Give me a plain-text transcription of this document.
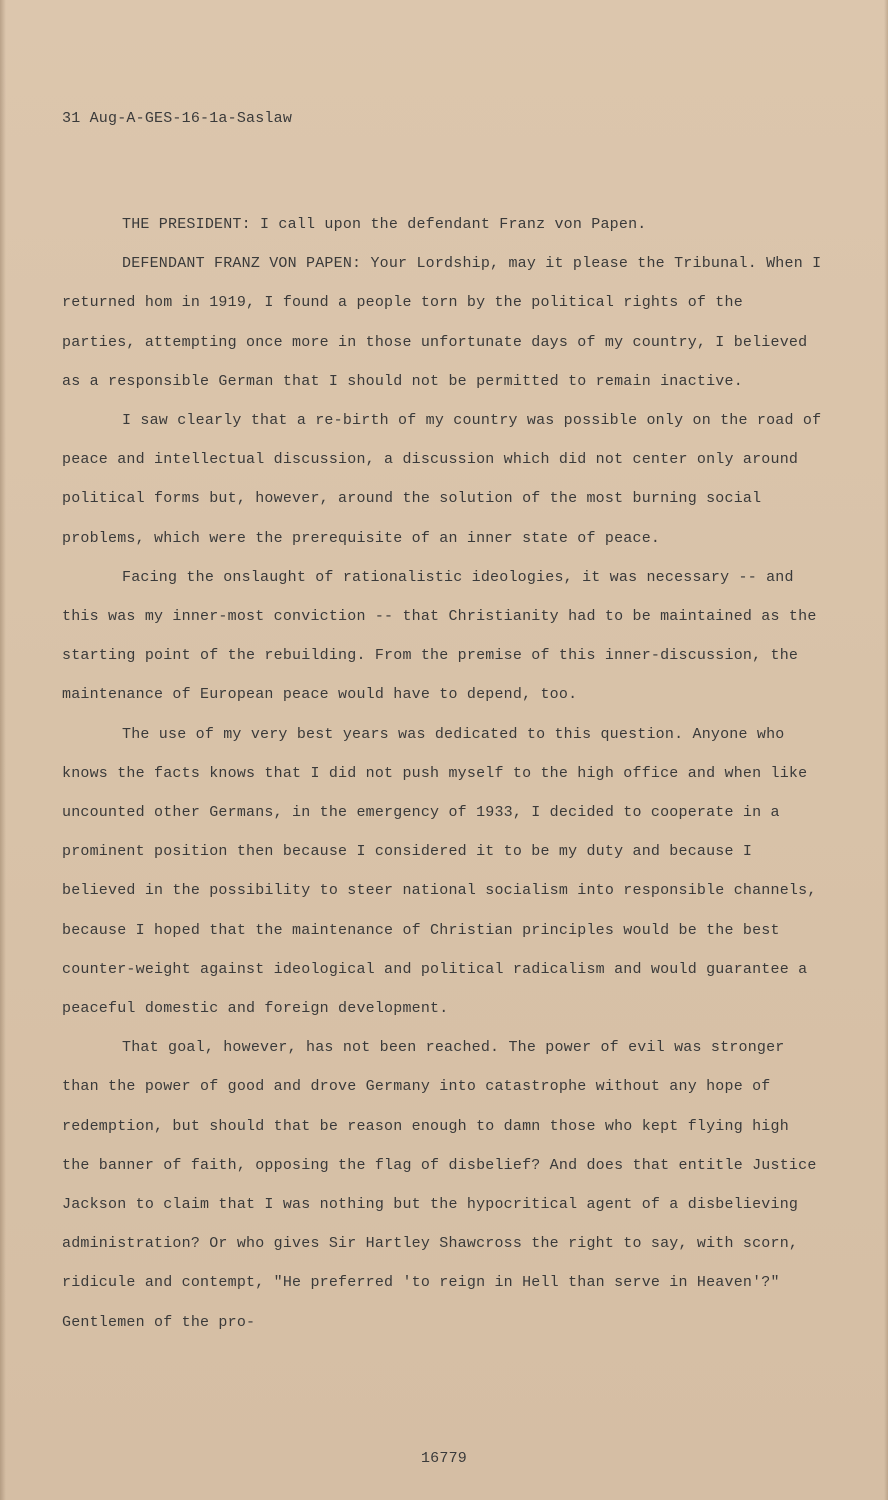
31 Aug-A-GES-16-1a-Saslaw

THE PRESIDENT: I call upon the defendant Franz von Papen.

DEFENDANT FRANZ VON PAPEN: Your Lordship, may it please the Tribunal. When I returned hom in 1919, I found a people torn by the political rights of the parties, attempting once more in those unfortunate days of my country, I believed as a responsible German that I should not be permitted to remain inactive.

I saw clearly that a re-birth of my country was possible only on the road of peace and intellectual discussion, a discussion which did not center only around political forms but, however, around the solution of the most burning social problems, which were the prerequisite of an inner state of peace.

Facing the onslaught of rationalistic ideologies, it was necessary -- and this was my inner-most conviction -- that Christianity had to be maintained as the starting point of the rebuilding. From the premise of this inner-discussion, the maintenance of European peace would have to depend, too.

The use of my very best years was dedicated to this question. Anyone who knows the facts knows that I did not push myself to the high office and when like uncounted other Germans, in the emergency of 1933, I decided to cooperate in a prominent position then because I considered it to be my duty and because I believed in the possibility to steer national socialism into responsible channels, because I hoped that the maintenance of Christian principles would be the best counter-weight against ideological and political radicalism and would guarantee a peaceful domestic and foreign development.

That goal, however, has not been reached. The power of evil was stronger than the power of good and drove Germany into catastrophe without any hope of redemption, but should that be reason enough to damn those who kept flying high the banner of faith, opposing the flag of disbelief? And does that entitle Justice Jackson to claim that I was nothing but the hypocritical agent of a disbelieving administration? Or who gives Sir Hartley Shawcross the right to say, with scorn, ridicule and contempt, "He preferred 'to reign in Hell than serve in Heaven'?" Gentlemen of the pro-

16779
